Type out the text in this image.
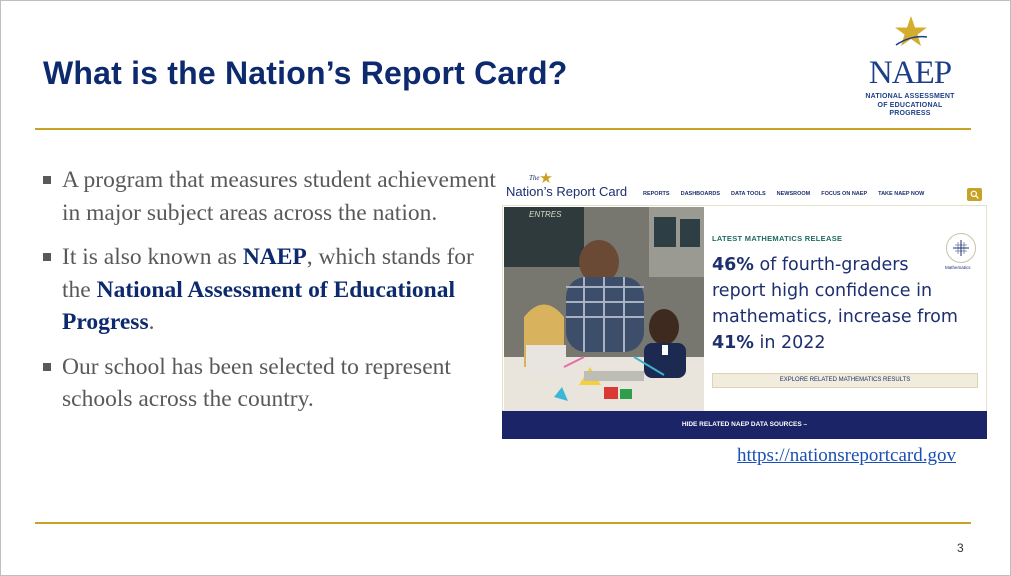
What is the Nation’s Report Card?	NAEP
NATIONAL ASSESSMENT
OF EDUCATIONAL
PROGRESS
A program that measures student achievement in major subject areas across the nation.
It is also known as NAEP, which stands for the National Assessment of Educational Progress.
Our school has been selected to represent schools across the country.
The
Nation’s Report Card	REPORTS DASHBOARDS DATA TOOLS NEWSROOM FOCUS ON NAEP TAKE NAEP NOW
ENTRES
LATEST MATHEMATICS RELEASE
46% of fourth-graders report high confidence in mathematics, increase from 41% in 2022
Mathematics
EXPLORE RELATED MATHEMATICS RESULTS
HIDE RELATED NAEP DATA SOURCES –
https://nationsreportcard.gov
3
